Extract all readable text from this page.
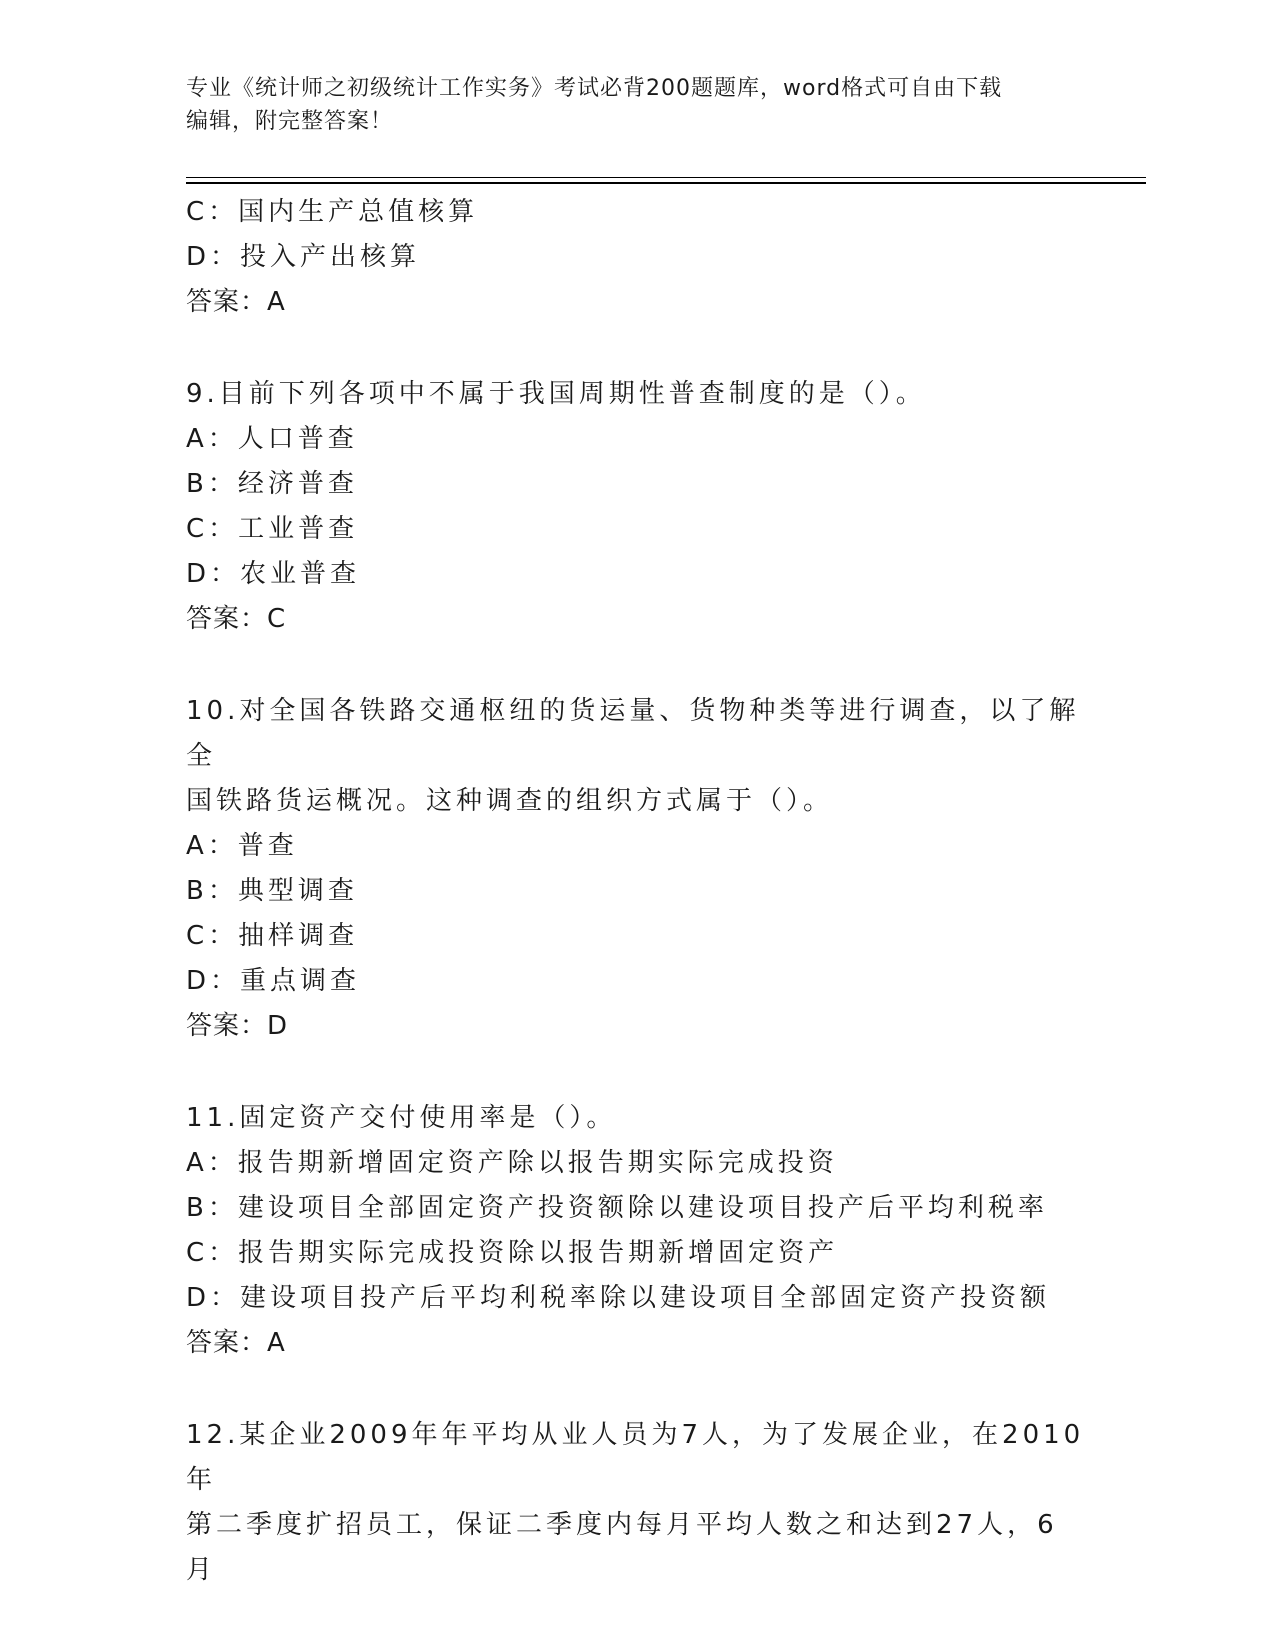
专业《统计师之初级统计工作实务》考试必背200题题库，word格式可自由下载
编辑，附完整答案！
C：国内生产总值核算
D：投入产出核算
答案：A
9.目前下列各项中不属于我国周期性普查制度的是（）。
A：人口普查
B：经济普查
C：工业普查
D：农业普查
答案：C
10.对全国各铁路交通枢纽的货运量、货物种类等进行调查，以了解全
国铁路货运概况。这种调查的组织方式属于（）。
A：普查
B：典型调查
C：抽样调查
D：重点调查
答案：D
11.固定资产交付使用率是（）。
A：报告期新增固定资产除以报告期实际完成投资
B：建设项目全部固定资产投资额除以建设项目投产后平均利税率
C：报告期实际完成投资除以报告期新增固定资产
D：建设项目投产后平均利税率除以建设项目全部固定资产投资额
答案：A
12.某企业2009年年平均从业人员为7人，为了发展企业，在2010年
第二季度扩招员工，保证二季度内每月平均人数之和达到27人，6月
